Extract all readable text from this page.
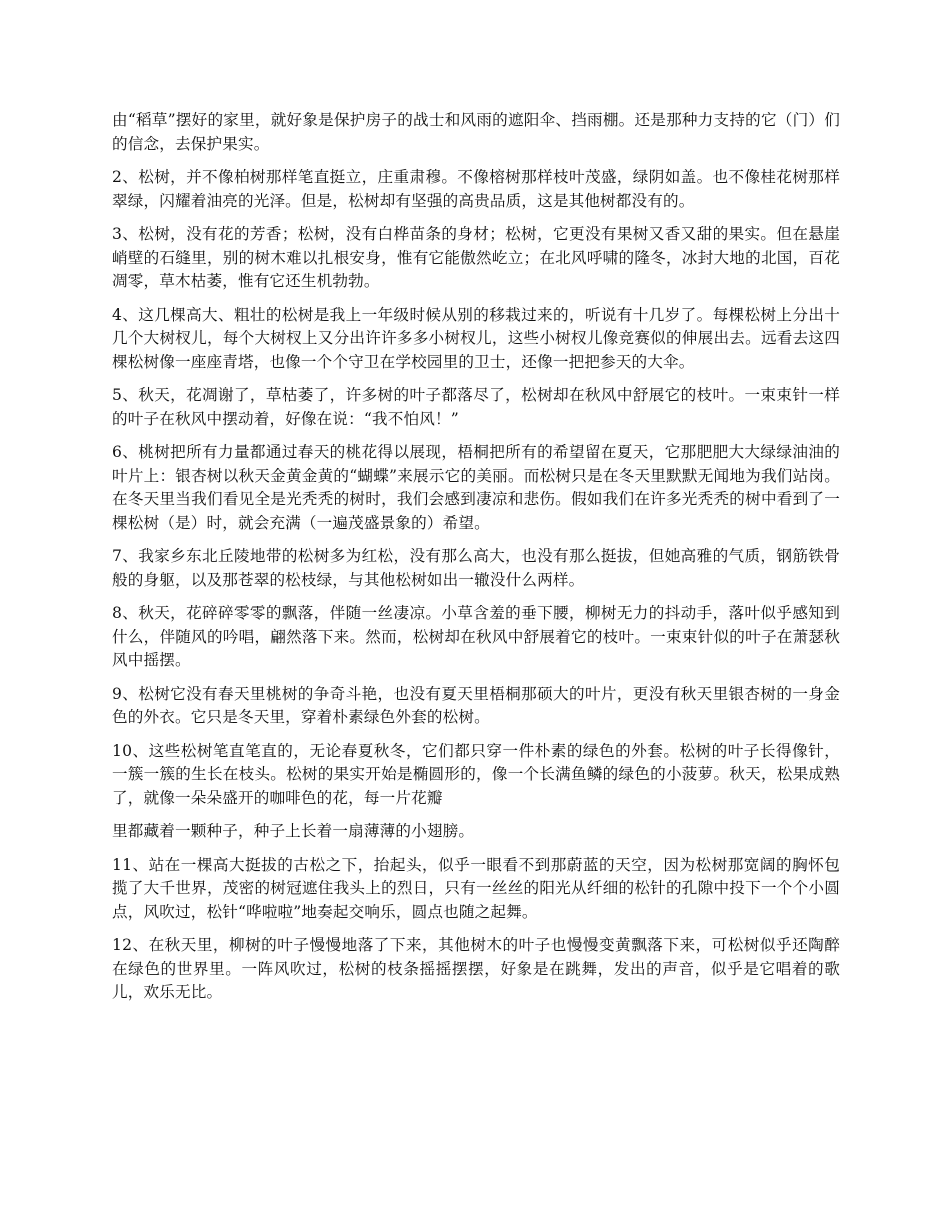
由“稻草”摆好的家里，就好象是保护房子的战士和风雨的遮阳伞、挡雨棚。还是那种力支持的它（门）们的信念，去保护果实。

2、松树，并不像柏树那样笔直挺立，庄重肃穆。不像榕树那样枝叶茂盛，绿阴如盖。也不像桂花树那样翠绿，闪耀着油亮的光泽。但是，松树却有坚强的高贵品质，这是其他树都没有的。

3、松树，没有花的芳香；松树，没有白桦苗条的身材；松树，它更没有果树又香又甜的果实。但在悬崖峭壁的石缝里，别的树木难以扎根安身，惟有它能傲然屹立；在北风呼啸的隆冬，冰封大地的北国，百花凋零，草木枯萎，惟有它还生机勃勃。

4、这几棵高大、粗壮的松树是我上一年级时候从别的移栽过来的，听说有十几岁了。每棵松树上分出十几个大树杈儿，每个大树杈上又分出许许多多小树杈儿，这些小树杈儿像竞赛似的伸展出去。远看去这四棵松树像一座座青塔，也像一个个守卫在学校园里的卫士，还像一把把参天的大伞。

5、秋天，花凋谢了，草枯萎了，许多树的叶子都落尽了，松树却在秋风中舒展它的枝叶。一束束针一样的叶子在秋风中摆动着，好像在说：“我不怕风！”

6、桃树把所有力量都通过春天的桃花得以展现，梧桐把所有的希望留在夏天，它那肥肥大大绿绿油油的叶片上：银杏树以秋天金黄金黄的“蝴蝶”来展示它的美丽。而松树只是在冬天里默默无闻地为我们站岗。在冬天里当我们看见全是光秃秃的树时，我们会感到凄凉和悲伤。假如我们在许多光秃秃的树中看到了一棵松树（是）时，就会充满（一遍茂盛景象的）希望。

7、我家乡东北丘陵地带的松树多为红松，没有那么高大，也没有那么挺拔，但她高雅的气质，钢筋铁骨般的身躯，以及那苍翠的松枝绿，与其他松树如出一辙没什么两样。

8、秋天，花碎碎零零的飘落，伴随一丝凄凉。小草含羞的垂下腰，柳树无力的抖动手，落叶似乎感知到什么，伴随风的吟唱，翩然落下来。然而，松树却在秋风中舒展着它的枝叶。一束束针似的叶子在萧瑟秋风中摇摆。

9、松树它没有春天里桃树的争奇斗艳，也没有夏天里梧桐那硕大的叶片，更没有秋天里银杏树的一身金色的外衣。它只是冬天里，穿着朴素绿色外套的松树。

10、这些松树笔直笔直的，无论春夏秋冬，它们都只穿一件朴素的绿色的外套。松树的叶子长得像针，一簇一簇的生长在枝头。松树的果实开始是椭圆形的，像一个长满鱼鳞的绿色的小菠萝。秋天，松果成熟了，就像一朵朵盛开的咖啡色的花，每一片花瓣

里都藏着一颗种子，种子上长着一扇薄薄的小翅膀。

11、站在一棵高大挺拔的古松之下，抬起头，似乎一眼看不到那蔚蓝的天空，因为松树那宽阔的胸怀包揽了大千世界，茂密的树冠遮住我头上的烈日，只有一丝丝的阳光从纤细的松针的孔隙中投下一个个小圆点，风吹过，松针“哗啦啦”地奏起交响乐，圆点也随之起舞。

12、在秋天里，柳树的叶子慢慢地落了下来，其他树木的叶子也慢慢变黄飘落下来，可松树似乎还陶醉在绿色的世界里。一阵风吹过，松树的枝条摇摇摆摆，好象是在跳舞，发出的声音，似乎是它唱着的歌儿，欢乐无比。
